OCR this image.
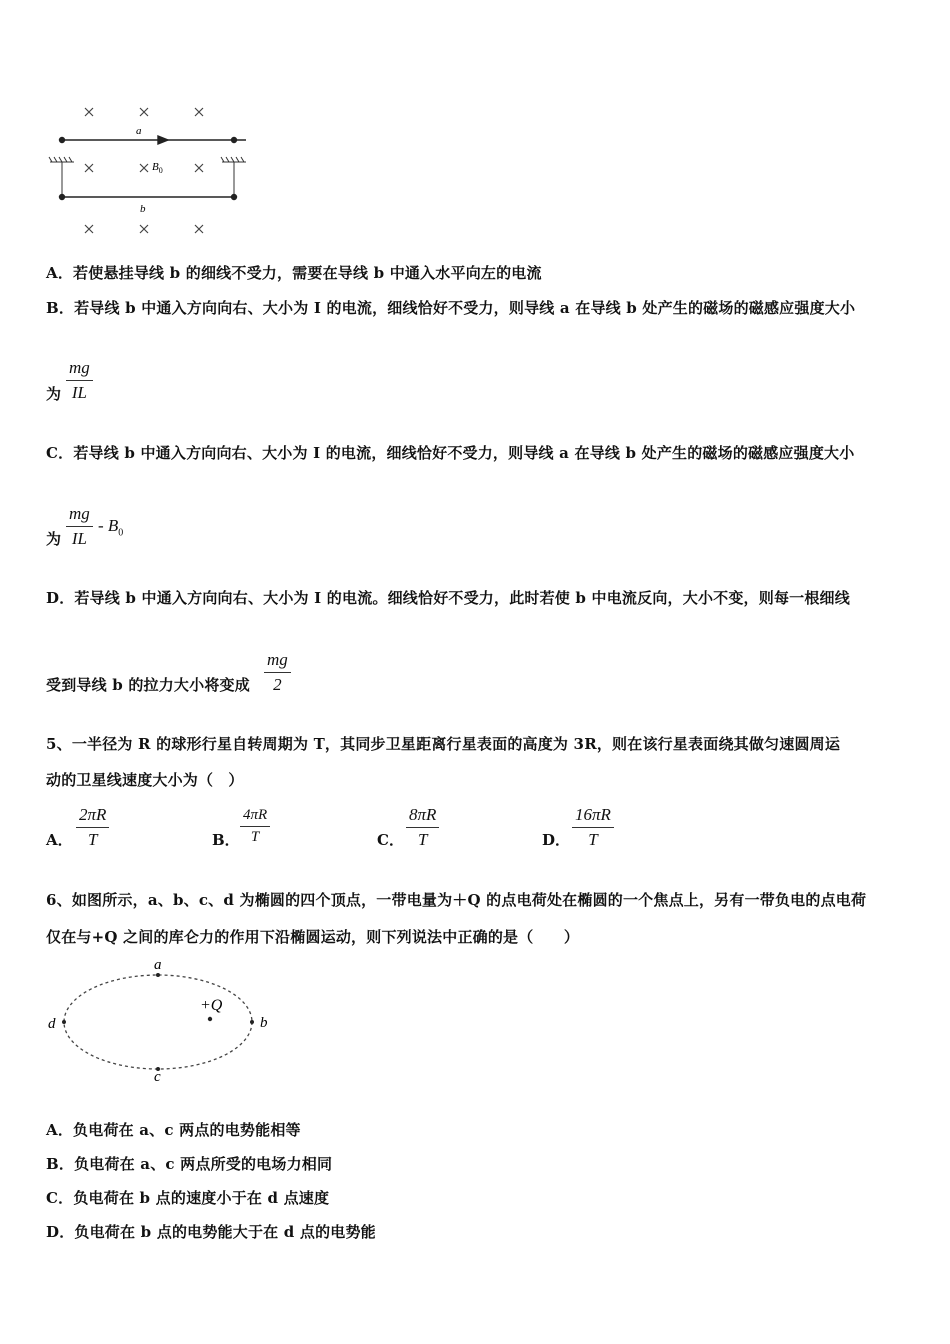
a
b
$B_0$
A．若使悬挂导线 b 的细线不受力，需要在导线 b 中通入水平向左的电流
B．若导线 b 中通入方向向右、大小为 I 的电流，细线恰好不受力，则导线 a 在导线 b 处产生的磁场的磁感应强度大小
为 $\frac{mg}{IL}$
C．若导线 b 中通入方向向右、大小为 I 的电流，细线恰好不受力，则导线 a 在导线 b 处产生的磁场的磁感应强度大小
为 $\frac{mg}{IL} - B_0$
D．若导线 b 中通入方向向右、大小为 I 的电流。细线恰好不受力，此时若使 b 中电流反向，大小不变，则每一根细线
受到导线 b 的拉力大小将变成 $\frac{mg}{2}$
5、一半径为 R 的球形行星自转周期为 T，其同步卫星距离行星表面的高度为 3R，则在该行星表面绕其做匀速圆周运
动的卫星线速度大小为（　）
A． $\frac{2\pi R}{T}$	B． $\frac{4\pi R}{T}$	C． $\frac{8\pi R}{T}$	D． $\frac{16\pi R}{T}$
6、如图所示，a、b、c、d 为椭圆的四个顶点，一带电量为＋Q 的点电荷处在椭圆的一个焦点上，另有一带负电的点电荷
仅在与+Q 之间的库仑力的作用下沿椭圆运动，则下列说法中正确的是（　　）
a
b
c
d
+Q
A．负电荷在 a、c 两点的电势能相等
B．负电荷在 a、c 两点所受的电场力相同
C．负电荷在 b 点的速度小于在 d 点速度
D．负电荷在 b 点的电势能大于在 d 点的电势能
